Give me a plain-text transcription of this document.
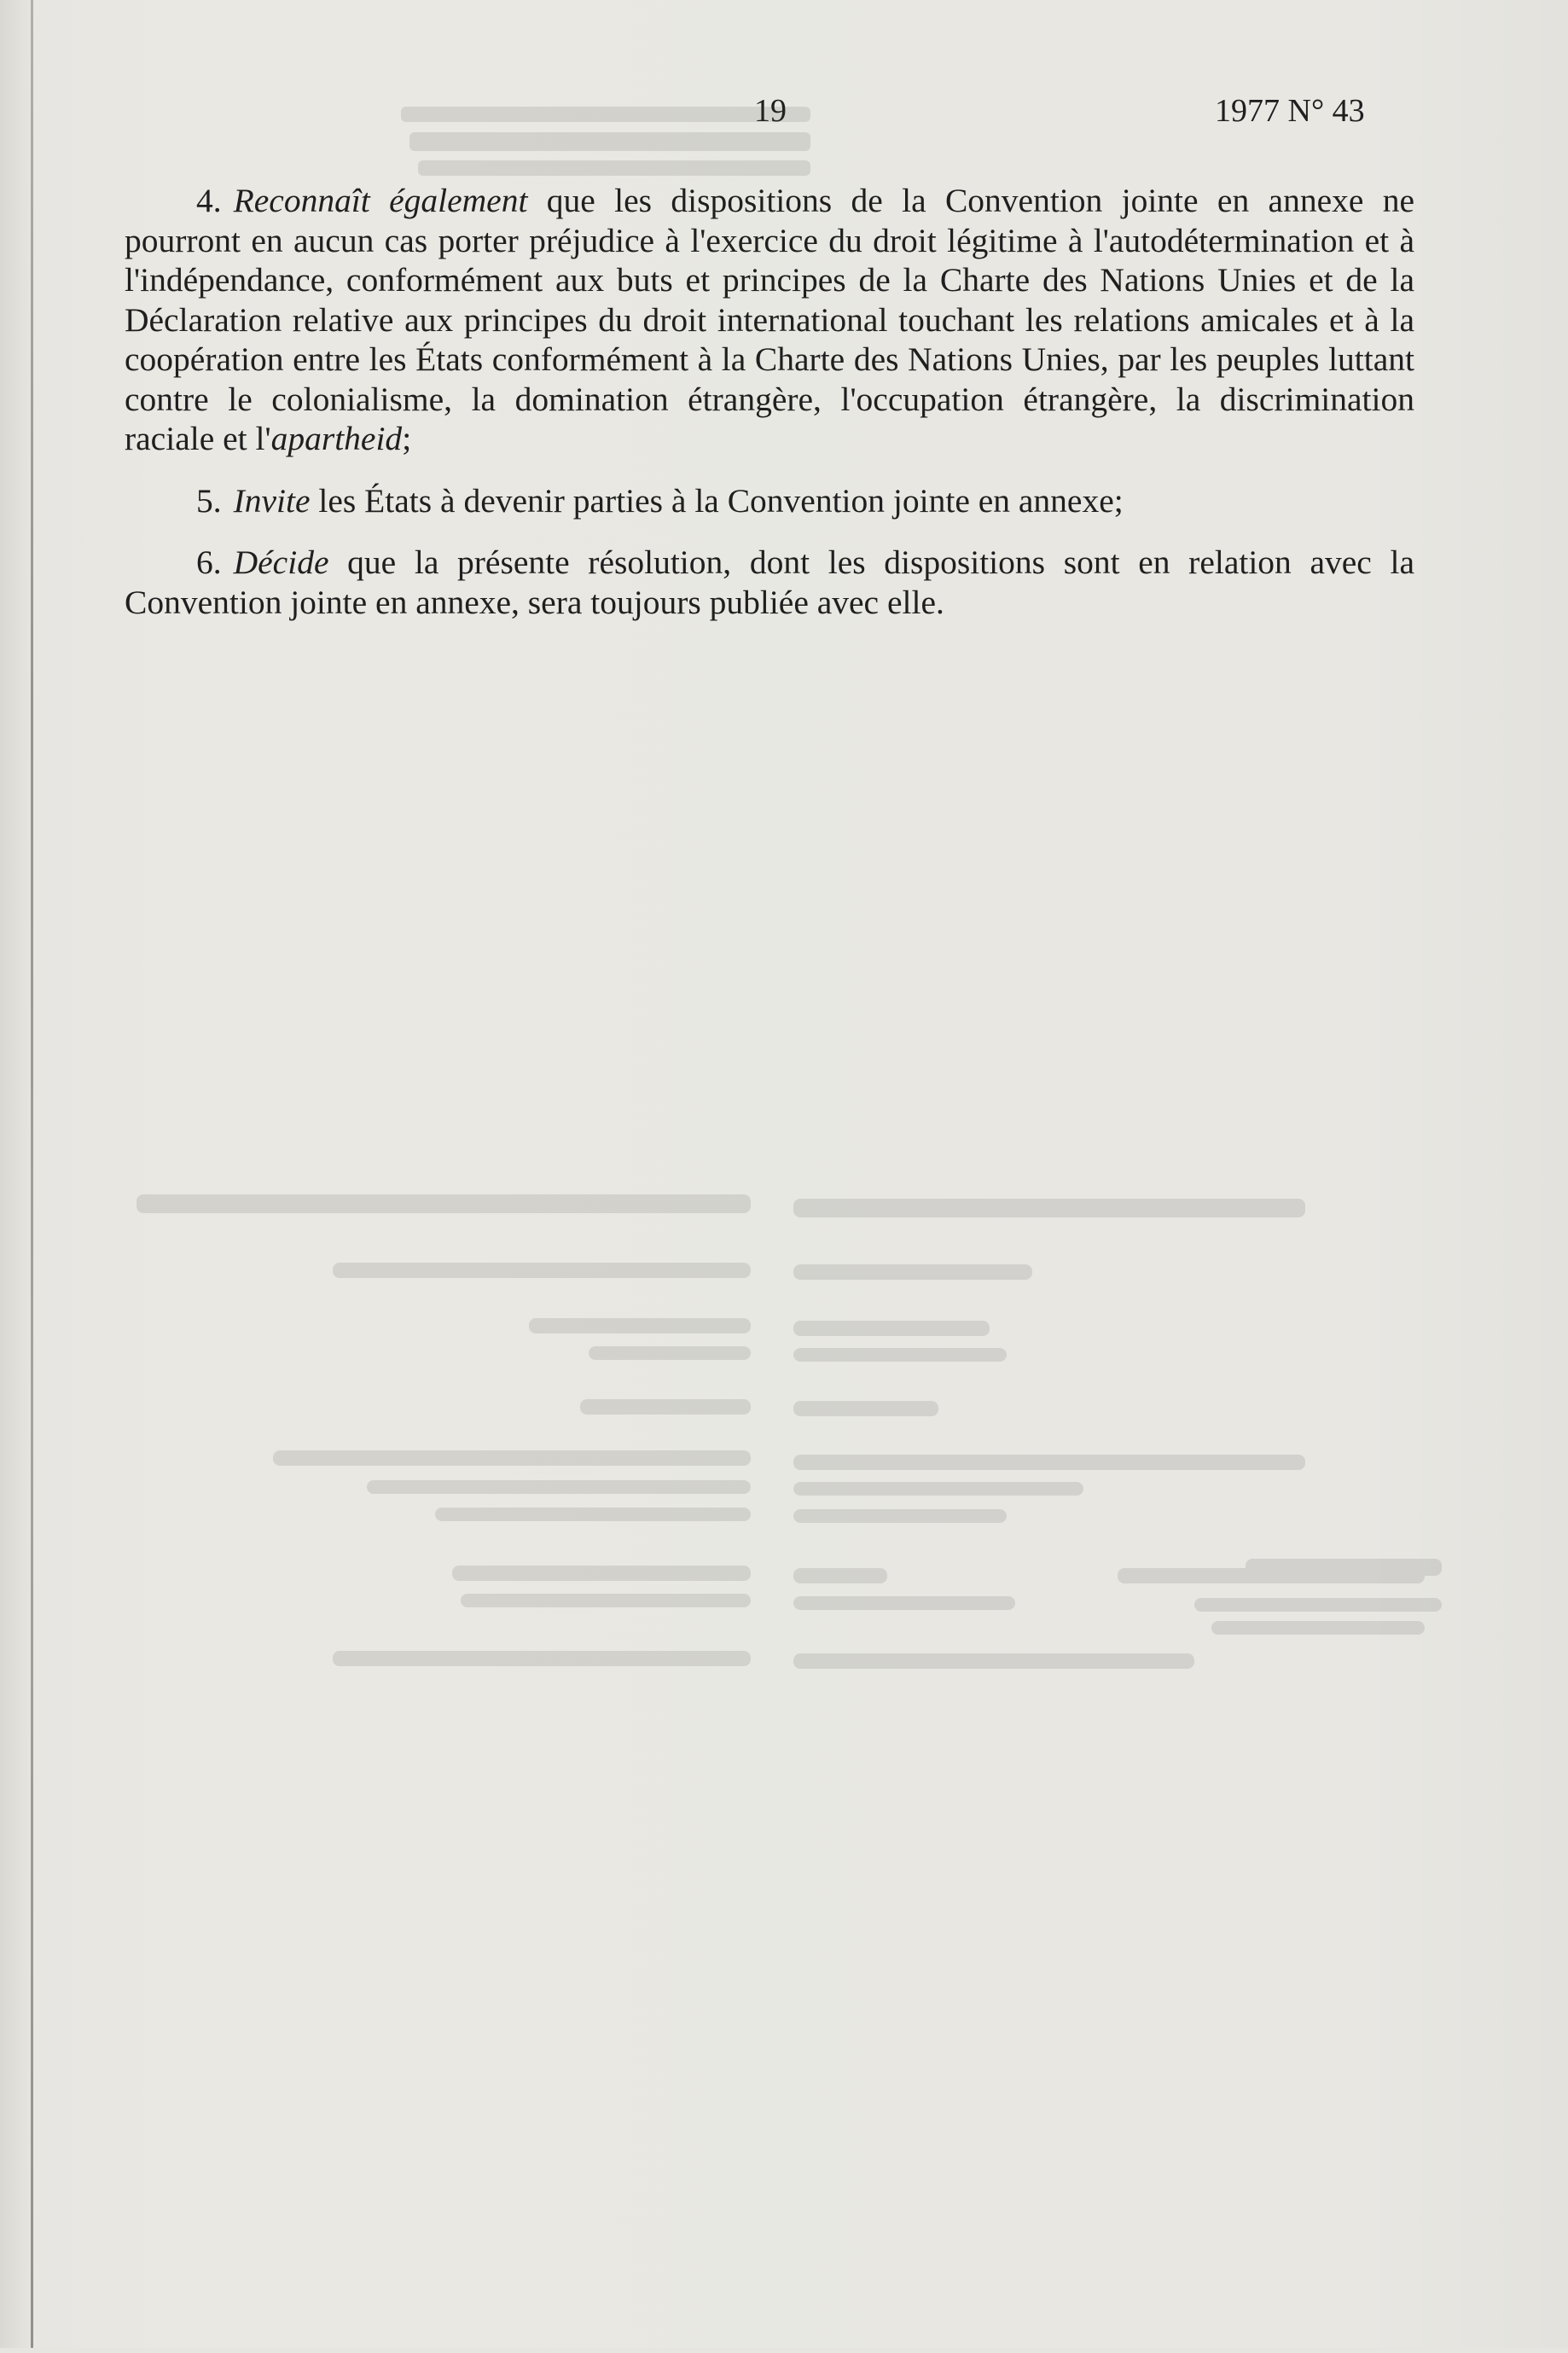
19	1977 N° 43

4. Reconnaît également que les dispositions de la Convention jointe en annexe ne pourront en aucun cas porter préjudice à l'exercice du droit légitime à l'autodétermination et à l'indépendance, conformément aux buts et principes de la Charte des Nations Unies et de la Déclaration relative aux principes du droit international touchant les relations amicales et à la coopération entre les États conformément à la Charte des Nations Unies, par les peuples luttant contre le colonialisme, la domination étrangère, l'occupation étrangère, la discrimination raciale et l'apartheid;

5. Invite les États à devenir parties à la Convention jointe en annexe;

6. Décide que la présente résolution, dont les dispositions sont en relation avec la Convention jointe en annexe, sera toujours publiée avec elle.
